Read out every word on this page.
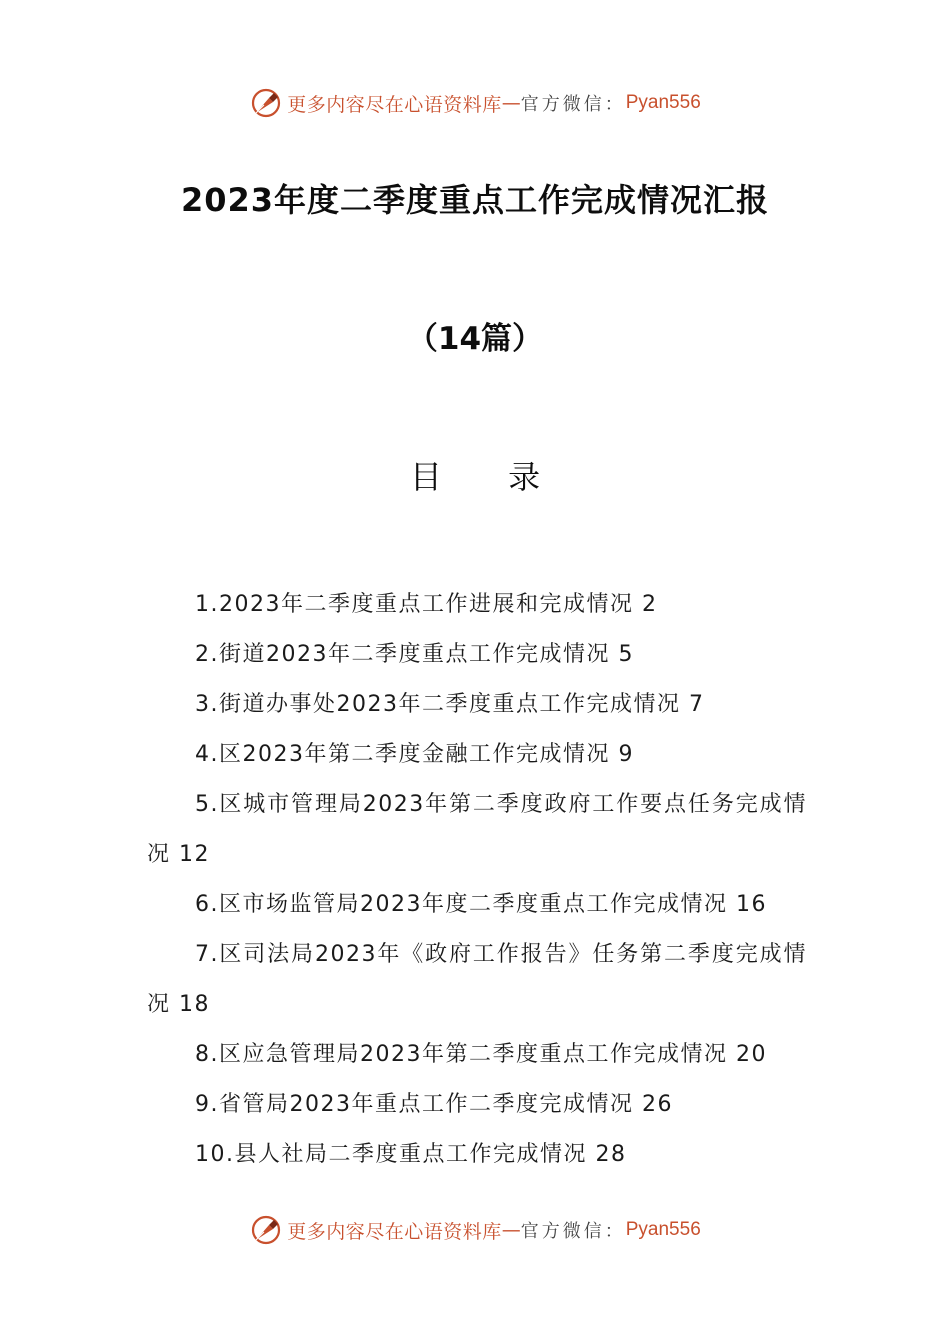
更多内容尽在心语资料库 — 官方微信： Pyan556
2023年度二季度重点工作完成情况汇报
（14篇）
目 录
1.2023年二季度重点工作进展和完成情况 2
2.街道2023年二季度重点工作完成情况 5
3.街道办事处2023年二季度重点工作完成情况 7
4.区2023年第二季度金融工作完成情况 9
5.区城市管理局2023年第二季度政府工作要点任务完成情况 12
6.区市场监管局2023年度二季度重点工作完成情况 16
7.区司法局2023年《政府工作报告》任务第二季度完成情况 18
8.区应急管理局2023年第二季度重点工作完成情况 20
9.省管局2023年重点工作二季度完成情况 26
10.县人社局二季度重点工作完成情况 28
更多内容尽在心语资料库 — 官方微信： Pyan556
